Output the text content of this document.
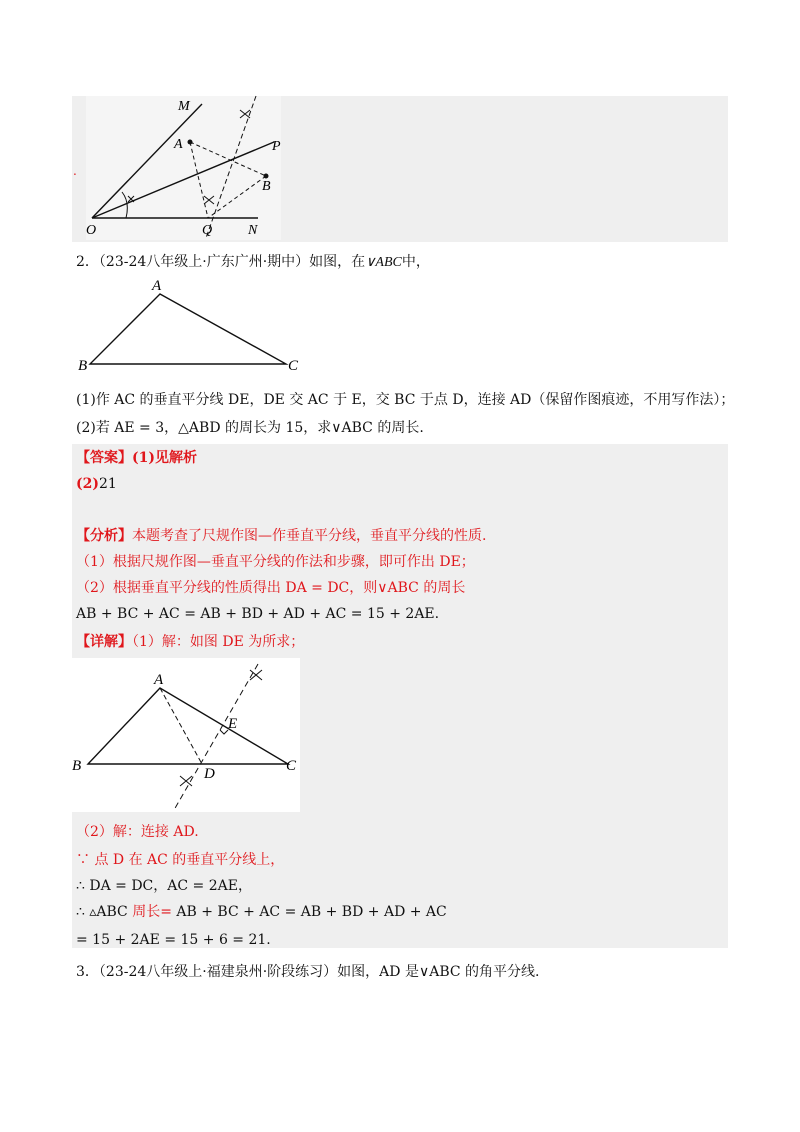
.
M
A	P
B
O	Q	N
2．（23-24八年级上·广东广州·期中）如图，在∨ABC中，
A
B	C
(1)作 AC 的垂直平分线 DE，DE 交 AC 于 E，交 BC 于点 D，连接 AD（保留作图痕迹，不用写作法）；
(2)若 AE = 3，△ABD 的周长为 15，求∨ABC 的周长.
【答案】(1)见解析
(2)21
【分析】本题考查了尺规作图—作垂直平分线，垂直平分线的性质.
（1）根据尺规作图—垂直平分线的作法和步骤，即可作出 DE；
（2）根据垂直平分线的性质得出 DA = DC，则∨ABC 的周长
AB + BC + AC = AB + BD + AD + AC = 15 + 2AE.
【详解】（1）解：如图 DE 为所求；
A
E
B	D	C
（2）解：连接 AD.
∵ 点 D 在 AC 的垂直平分线上，
∴ DA = DC，AC = 2AE，
∴ ▵ABC 周长= AB + BC + AC = AB + BD + AD + AC
= 15 + 2AE = 15 + 6 = 21.
3．（23-24八年级上·福建泉州·阶段练习）如图，AD 是∨ABC 的角平分线.
